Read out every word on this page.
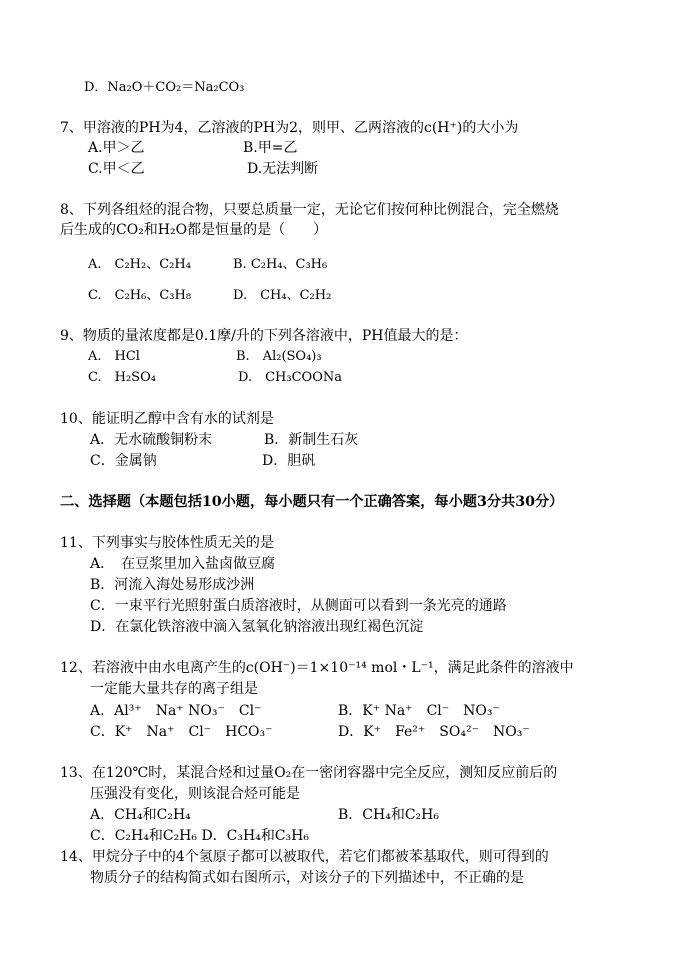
D．Na₂O＋CO₂＝Na₂CO₃
7、甲溶液的PH为4，乙溶液的PH为2，则甲、乙两溶液的c(H⁺)的大小为
A.甲＞乙	B.甲=乙
C.甲＜乙	D.无法判断
8、下列各组烃的混合物，只要总质量一定，无论它们按何种比例混合，完全燃烧
后生成的CO₂和H₂O都是恒量的是（　　）
A.　C₂H₂、C₂H₄	B. C₂H₄、C₃H₆
C.　C₂H₆、C₃H₈	D.　CH₄、C₂H₂
9、物质的量浓度都是0.1摩/升的下列各溶液中，PH值最大的是：
A.　HCl	B.　Al₂(SO₄)₃
C.　H₂SO₄	D.　CH₃COONa
10、能证明乙醇中含有水的试剂是
A．无水硫酸铜粉末	B．新制生石灰
C．金属钠	D．胆矾
二、选择题（本题包括10小题，每小题只有一个正确答案，每小题3分共30分）
11、下列事实与胶体性质无关的是
A．　在豆浆里加入盐卤做豆腐
B．河流入海处易形成沙洲
C．一束平行光照射蛋白质溶液时，从侧面可以看到一条光亮的通路
D．在氯化铁溶液中滴入氢氧化钠溶液出现红褐色沉淀
12、若溶液中由水电离产生的c(OH⁻)＝1×10⁻¹⁴ mol・L⁻¹，满足此条件的溶液中
一定能大量共存的离子组是
A．Al³⁺　Na⁺ NO₃⁻　Cl⁻	B．K⁺ Na⁺　Cl⁻　NO₃⁻
C．K⁺　Na⁺　Cl⁻　HCO₃⁻	D．K⁺　Fe²⁺　SO₄²⁻　NO₃⁻
13、在120℃时，某混合烃和过量O₂在一密闭容器中完全反应，测知反应前后的
压强没有变化，则该混合烃可能是
A．CH₄和C₂H₄	B．CH₄和C₂H₆
C．C₂H₄和C₂H₆ D．C₃H₄和C₃H₆
14、甲烷分子中的4个氢原子都可以被取代，若它们都被苯基取代，则可得到的
物质分子的结构简式如右图所示，对该分子的下列描述中，不正确的是
